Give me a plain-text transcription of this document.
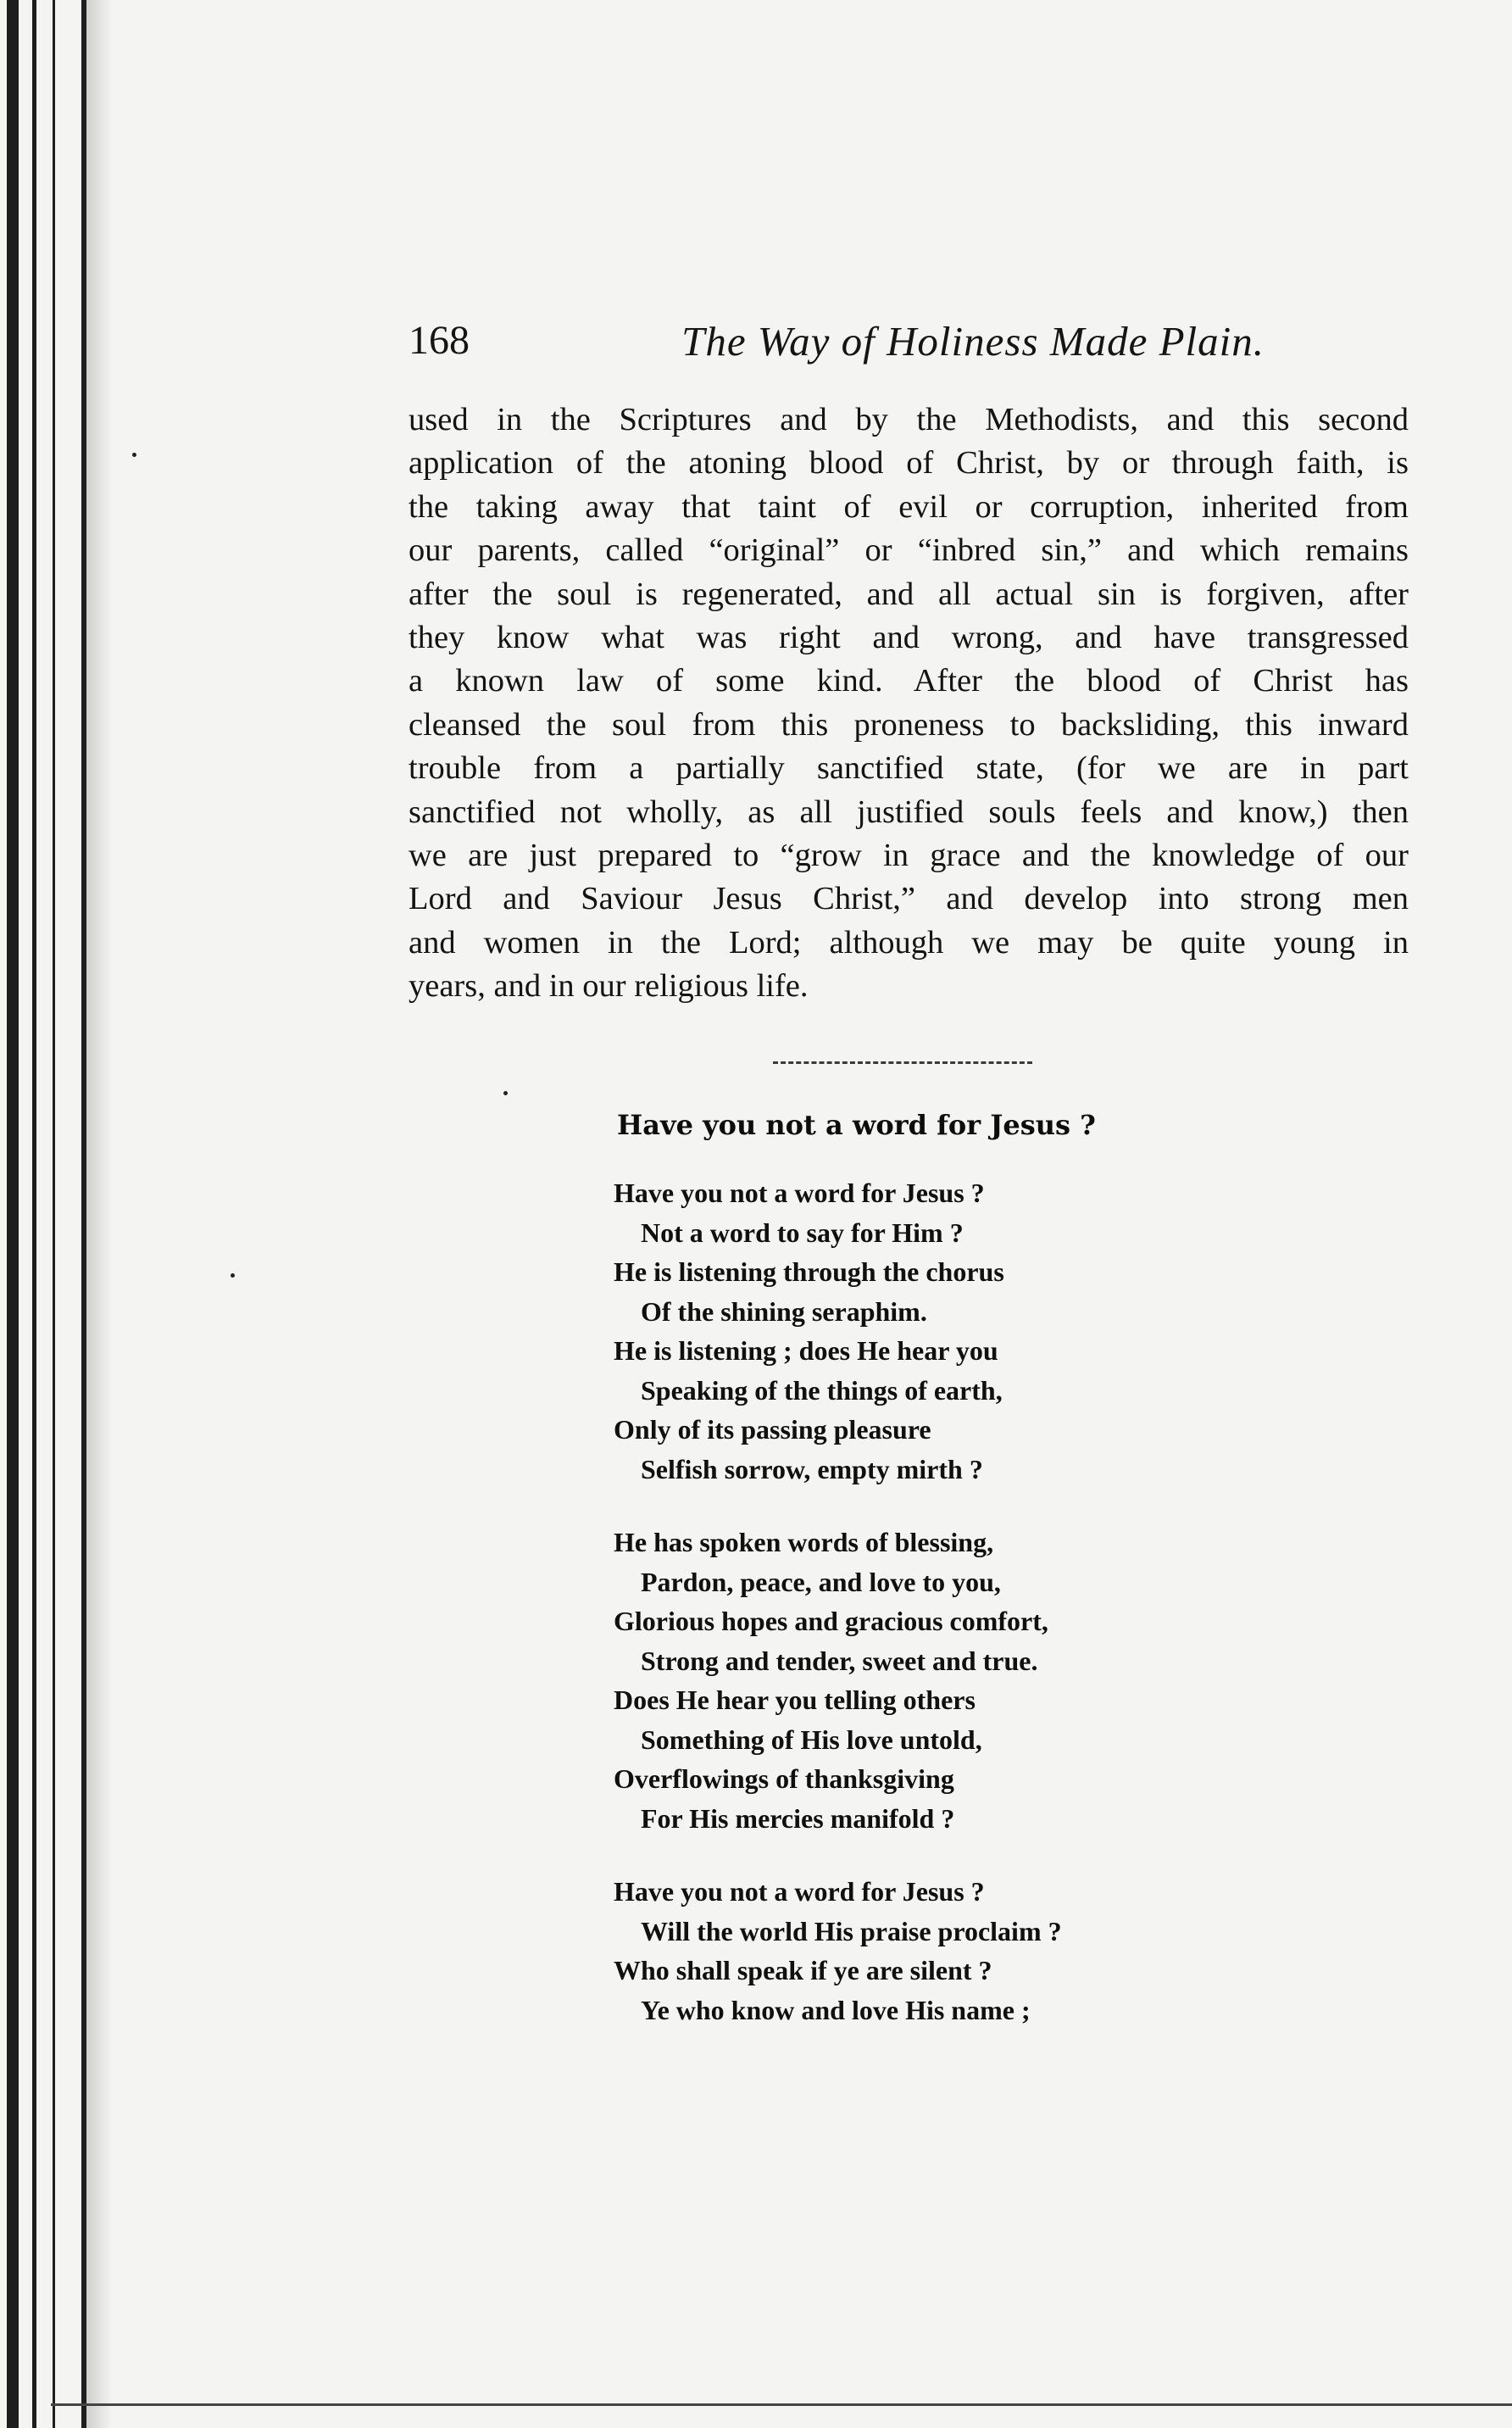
168	The Way of Holiness Made Plain.
used in the Scriptures and by the Methodists, and this second
application of the atoning blood of Christ, by or through faith, is
the taking away that taint of evil or corruption, inherited from
our parents, called “original” or “inbred sin,” and which remains
after the soul is regenerated, and all actual sin is forgiven, after
they know what was right and wrong, and have transgressed
a known law of some kind. After the blood of Christ has
cleansed the soul from this proneness to backsliding, this inward
trouble from a partially sanctified state, (for we are in part
sanctified not wholly, as all justified souls feels and know,) then
we are just prepared to “grow in grace and the knowledge of our
Lord and Saviour Jesus Christ,” and develop into strong men
and women in the Lord; although we may be quite young in
years, and in our religious life.
Have you not a word for Jesus ?
Have you not a word for Jesus ?
Not a word to say for Him ?
He is listening through the chorus
Of the shining seraphim.
He is listening ; does He hear you
Speaking of the things of earth,
Only of its passing pleasure
Selfish sorrow, empty mirth ?
He has spoken words of blessing,
Pardon, peace, and love to you,
Glorious hopes and gracious comfort,
Strong and tender, sweet and true.
Does He hear you telling others
Something of His love untold,
Overflowings of thanksgiving
For His mercies manifold ?
Have you not a word for Jesus ?
Will the world His praise proclaim ?
Who shall speak if ye are silent ?
Ye who know and love His name ;
